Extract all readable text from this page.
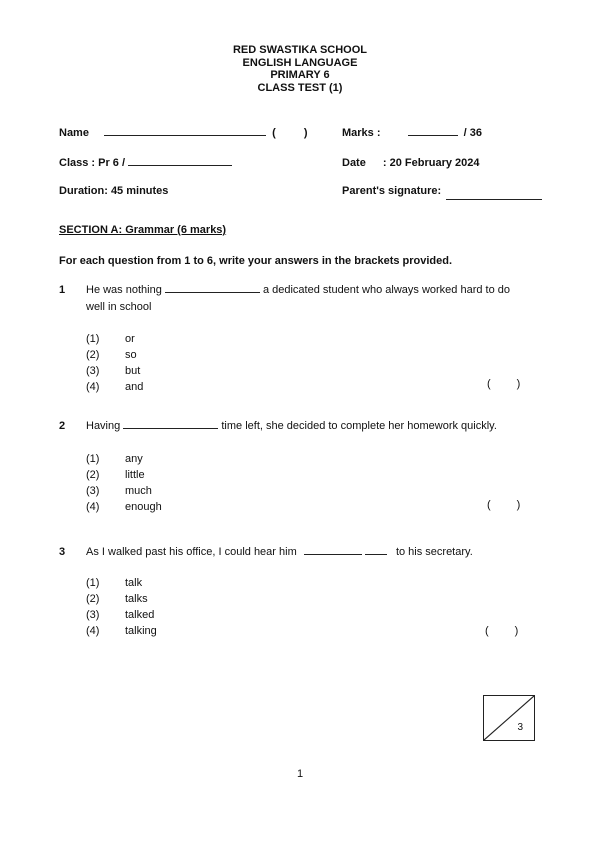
RED SWASTIKA SCHOOL
ENGLISH LANGUAGE
PRIMARY 6
CLASS TEST (1)
Name	(	)
Class : Pr 6 /
Duration: 45 minutes
Marks :	/ 36
Date : 20 February 2024
Parent's signature:
SECTION A: Grammar (6 marks)
For each question from 1 to 6, write your answers in the brackets provided.
1 He was nothing	a dedicated student who always worked hard to do well in school
(1) or
(2) so
(3) but
(4) and	( )
2 Having	time left, she decided to complete her homework quickly.
(1) any
(2) little
(3) much
(4) enough	( )
3 As I walked past his office, I could hear him	to his secretary.
(1) talk
(2) talks
(3) talked
(4) talking	( )
3
1
